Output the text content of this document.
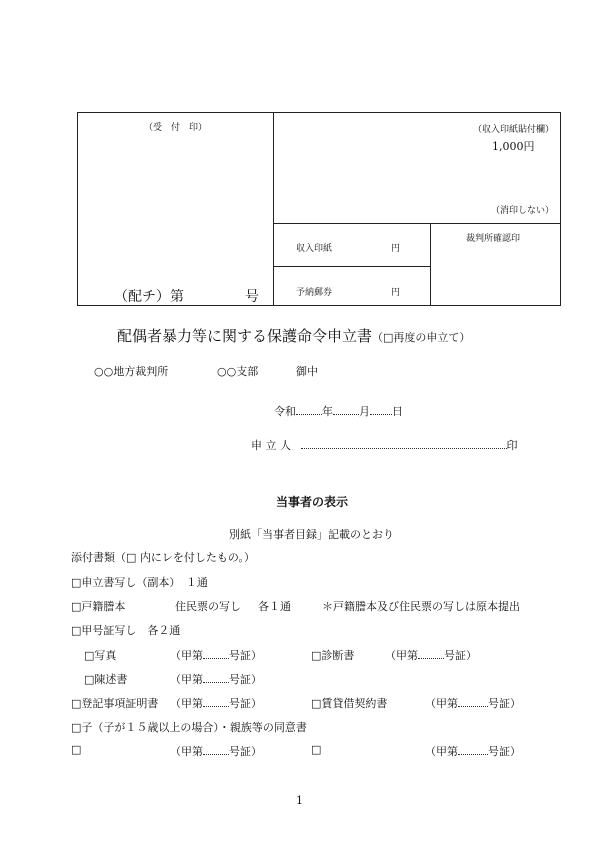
（受　付　印）	（収入印紙貼付欄）
1,000円
（消印しない）
収入印紙	円
予納郵券	円
裁判所確認印
（配チ）第	号
配偶者暴力等に関する保護命令申立書（□再度の申立て）
○○地方裁判所	○○支部	御中
令和 年 月 日
申 立 人	印
当事者の表示
別紙「当事者目録」記載のとおり
添付書類（□ 内にレを付したもの。）
□申立書写し（副本）　１通
□戸籍謄本	住民票の写し 各１通	＊戸籍謄本及び住民票の写しは原本提出
□甲号証写し　各２通
□写真	（甲第 号証）	□診断書	（甲第 号証）
□陳述書	（甲第 号証）
□登記事項証明書 （甲第 号証）	□賃貸借契約書	（甲第	号証）
□子（子が１５歳以上の場合）・親族等の同意書
□	（甲第 号証）	□	（甲第	号証）
1
